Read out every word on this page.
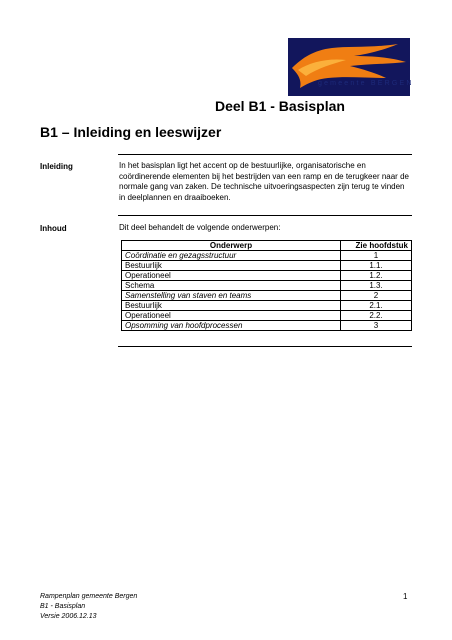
gemeente BERGEN
Deel B1 - Basisplan
B1 – Inleiding en leeswijzer
Inleiding	In het basisplan ligt het accent op de bestuurlijke, organisatorische en coördinerende elementen bij het bestrijden van een ramp en de terugkeer naar de normale gang van zaken. De technische uitvoeringsaspecten zijn terug te vinden in deelplannen en draaiboeken.
Inhoud	Dit deel behandelt de volgende onderwerpen:
Onderwerp	Zie hoofdstuk
Coördinatie en gezagsstructuur	1
Bestuurlijk	1.1.
Operationeel	1.2.
Schema	1.3.
Samenstelling van staven en teams	2
Bestuurlijk	2.1.
Operationeel	2.2.
Opsomming van hoofdprocessen	3
Rampenplan gemeente Bergen
B1 - Basisplan
Versie 2006.12.13
1
